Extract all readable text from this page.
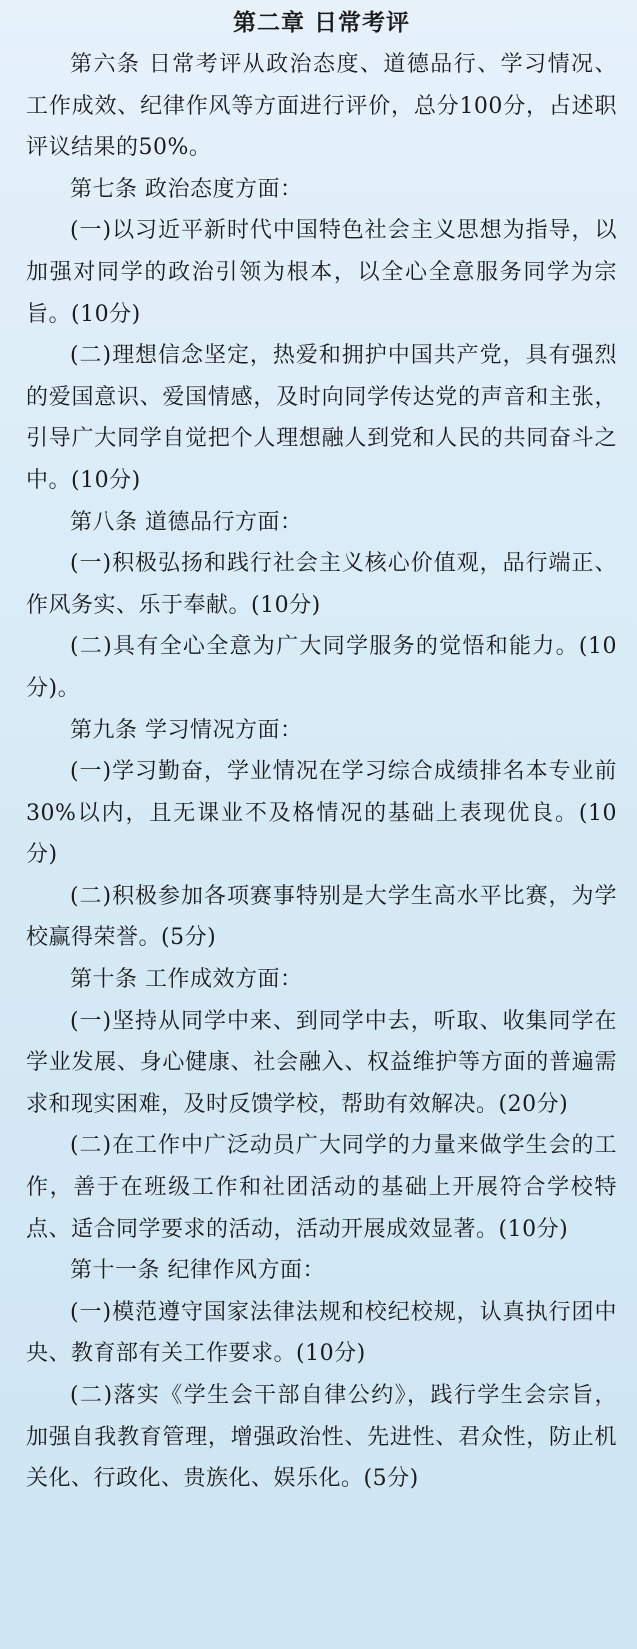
第二章 日常考评

第六条 日常考评从政治态度、道德品行、学习情况、工作成效、纪律作风等方面进行评价，总分100分，占述职评议结果的50%。

第七条 政治态度方面：

(一)以习近平新时代中国特色社会主义思想为指导，以加强对同学的政治引领为根本，以全心全意服务同学为宗旨。(10分)

(二)理想信念坚定，热爱和拥护中国共产党，具有强烈的爱国意识、爱国情感，及时向同学传达党的声音和主张，引导广大同学自觉把个人理想融人到党和人民的共同奋斗之中。(10分)

第八条 道德品行方面：

(一)积极弘扬和践行社会主义核心价值观，品行端正、作风务实、乐于奉献。(10分)

(二)具有全心全意为广大同学服务的觉悟和能力。(10分)。

第九条 学习情况方面：

(一)学习勤奋，学业情况在学习综合成绩排名本专业前30%以内，且无课业不及格情况的基础上表现优良。(10分)

(二)积极参加各项赛事特别是大学生高水平比赛，为学校赢得荣誉。(5分)

第十条 工作成效方面：

(一)坚持从同学中来、到同学中去，听取、收集同学在学业发展、身心健康、社会融入、权益维护等方面的普遍需求和现实困难，及时反馈学校，帮助有效解决。(20分)

(二)在工作中广泛动员广大同学的力量来做学生会的工作，善于在班级工作和社团活动的基础上开展符合学校特点、适合同学要求的活动，活动开展成效显著。(10分)

第十一条 纪律作风方面：

(一)模范遵守国家法律法规和校纪校规，认真执行团中央、教育部有关工作要求。(10分)

(二)落实《学生会干部自律公约》，践行学生会宗旨，加强自我教育管理，增强政治性、先进性、君众性，防止机关化、行政化、贵族化、娱乐化。(5分)
